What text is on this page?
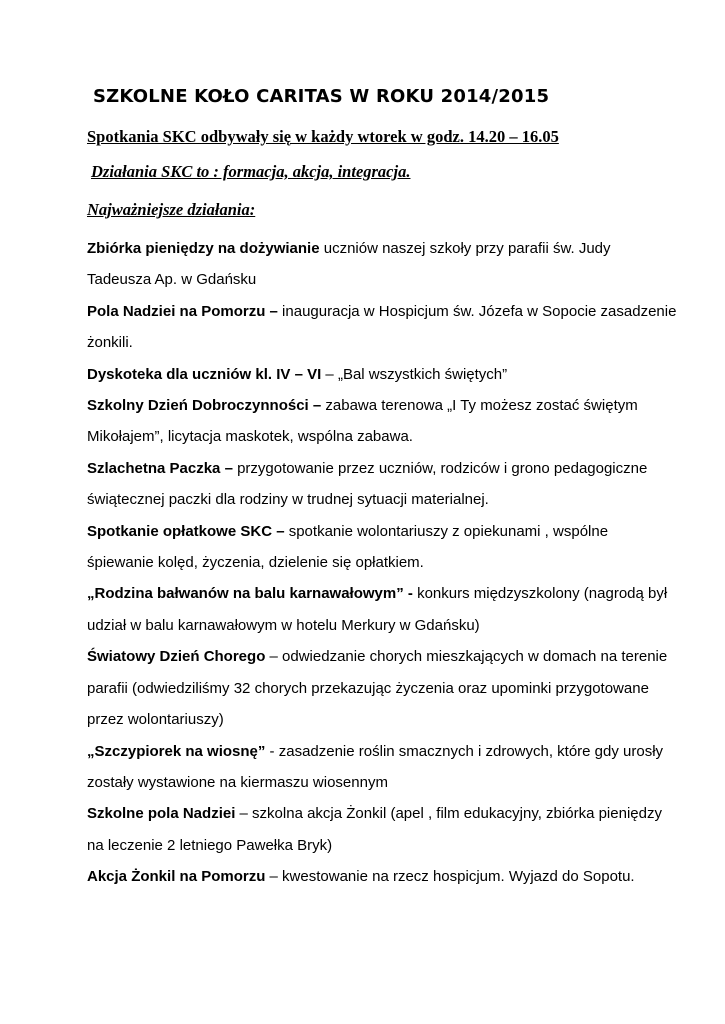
SZKOLNE KOŁO CARITAS W ROKU 2014/2015
Spotkania SKC odbywały się w każdy wtorek w godz. 14.20 – 16.05
Działania SKC to : formacja, akcja, integracja.
Najważniejsze działania:

Zbiórka pieniędzy na dożywianie uczniów naszej szkoły przy parafii św. Judy Tadeusza Ap. w Gdańsku

Pola Nadziei na Pomorzu – inauguracja w Hospicjum św. Józefa w Sopocie zasadzenie żonkili.

Dyskoteka dla uczniów kl. IV – VI – „Bal wszystkich świętych”

Szkolny Dzień Dobroczynności – zabawa terenowa „I Ty możesz zostać świętym Mikołajem”, licytacja maskotek, wspólna zabawa.

Szlachetna Paczka – przygotowanie przez uczniów, rodziców i grono pedagogiczne świątecznej paczki dla rodziny w trudnej sytuacji materialnej.

Spotkanie opłatkowe SKC – spotkanie wolontariuszy z opiekunami , wspólne śpiewanie kolęd, życzenia, dzielenie się opłatkiem.

„Rodzina bałwanów na balu karnawałowym” - konkurs międzyszkolony (nagrodą był udział w balu karnawałowym w hotelu Merkury w Gdańsku)

Światowy Dzień Chorego – odwiedzanie chorych mieszkających w domach na terenie parafii (odwiedziliśmy 32 chorych przekazując życzenia oraz upominki przygotowane przez wolontariuszy)

„Szczypiorek na wiosnę” - zasadzenie roślin smacznych i zdrowych, które gdy urosły zostały wystawione na kiermaszu wiosennym

Szkolne pola Nadziei – szkolna akcja Żonkil (apel , film edukacyjny, zbiórka pieniędzy na leczenie 2 letniego Pawełka Bryk)

Akcja Żonkil na Pomorzu – kwestowanie na rzecz hospicjum. Wyjazd do Sopotu.
